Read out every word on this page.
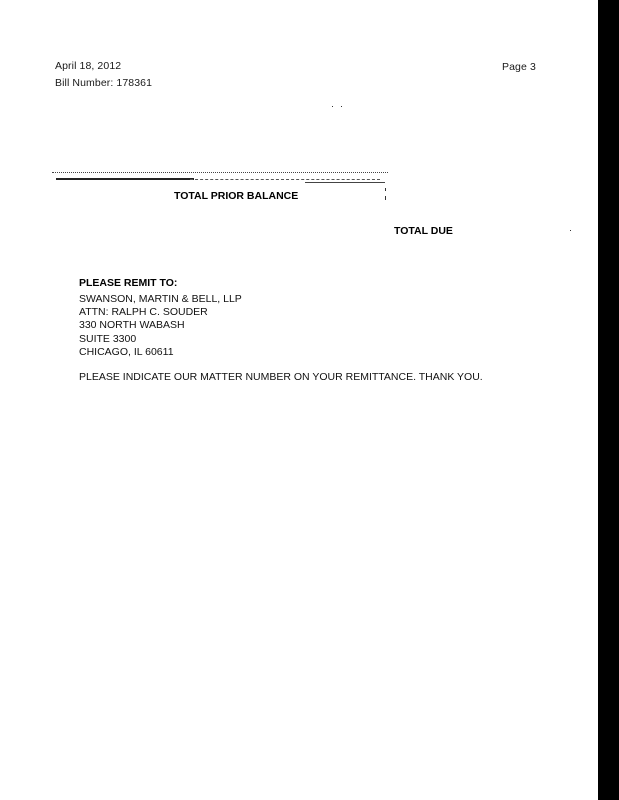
April 18, 2012
Bill Number: 178361
Page 3
TOTAL PRIOR BALANCE
TOTAL DUE
PLEASE REMIT TO:
SWANSON, MARTIN & BELL, LLP
ATTN: RALPH C. SOUDER
330 NORTH WABASH
SUITE 3300
CHICAGO, IL 60611
PLEASE INDICATE OUR MATTER NUMBER ON YOUR REMITTANCE. THANK YOU.
